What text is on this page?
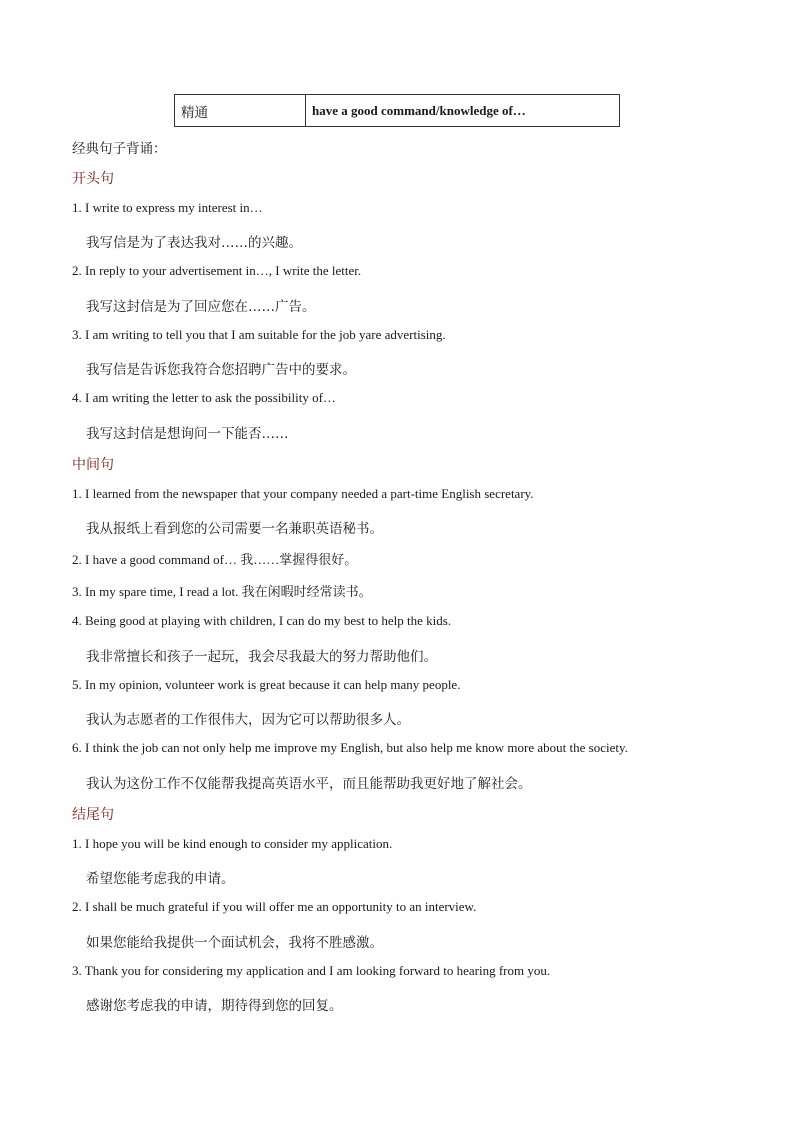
精通	have a good command/knowledge of…
经典句子背诵：
开头句
1. I write to express my interest in…
我写信是为了表达我对……的兴趣。
2. In reply to your advertisement in…, I write the letter.
我写这封信是为了回应您在……广告。
3. I am writing to tell you that I am suitable for the job yare advertising.
我写信是告诉您我符合您招聘广告中的要求。
4. I am writing the letter to ask the possibility of…
我写这封信是想询问一下能否……
中间句
1. I learned from the newspaper that your company needed a part-time English secretary.
我从报纸上看到您的公司需要一名兼职英语秘书。
2. I have a good command of… 我……掌握得很好。
3. In my spare time, I read a lot. 我在闲暇时经常读书。
4. Being good at playing with children, I can do my best to help the kids.
我非常擅长和孩子一起玩，我会尽我最大的努力帮助他们。
5. In my opinion, volunteer work is great because it can help many people.
我认为志愿者的工作很伟大，因为它可以帮助很多人。
6. I think the job can not only help me improve my English, but also help me know more about the society.
我认为这份工作不仅能帮我提高英语水平，而且能帮助我更好地了解社会。
结尾句
1. I hope you will be kind enough to consider my application.
希望您能考虑我的申请。
2. I shall be much grateful if you will offer me an opportunity to an interview.
如果您能给我提供一个面试机会，我将不胜感激。
3. Thank you for considering my application and I am looking forward to hearing from you.
感谢您考虑我的申请，期待得到您的回复。
